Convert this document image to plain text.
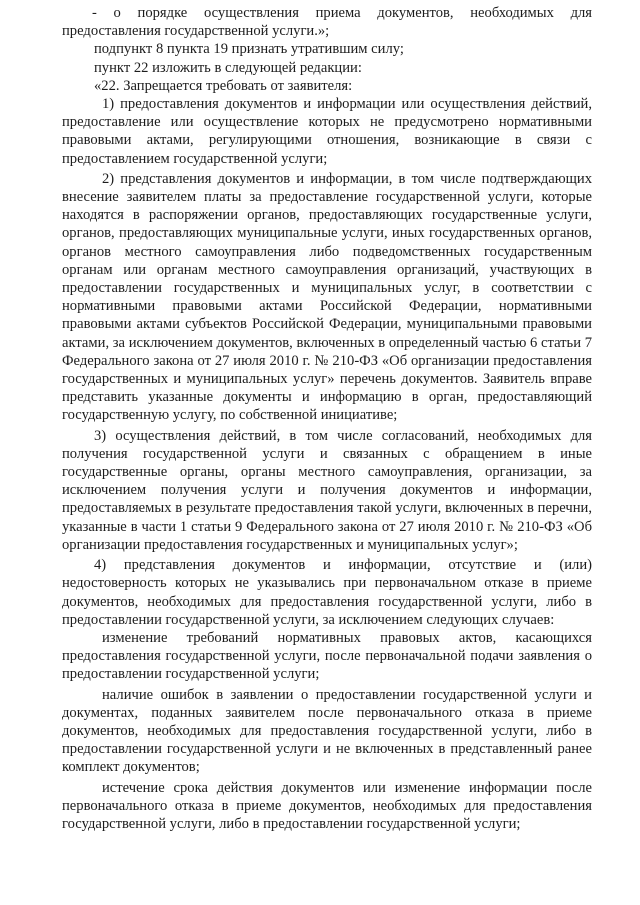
- о порядке осуществления приема документов, необходимых для предоставления государственной услуги.»;

подпункт 8 пункта 19 признать утратившим силу;

пункт 22 изложить в следующей редакции:

«22. Запрещается требовать от заявителя:

1) предоставления документов и информации или осуществления действий, предоставление или осуществление которых не предусмотрено нормативными правовыми актами, регулирующими отношения, возникающие в связи с предоставлением государственной услуги;

2) представления документов и информации, в том числе подтверждающих внесение заявителем платы за предоставление государственной услуги, которые находятся в распоряжении органов, предоставляющих государственные услуги, органов, предоставляющих муниципальные услуги, иных государственных органов, органов местного самоуправления либо подведомственных государственным органам или органам местного самоуправления организаций, участвующих в предоставлении государственных и муниципальных услуг, в соответствии с нормативными правовыми актами Российской Федерации, нормативными правовыми актами субъектов Российской Федерации, муниципальными правовыми актами, за исключением документов, включенных в определенный частью 6 статьи 7 Федерального закона от 27 июля 2010 г. № 210-ФЗ «Об организации предоставления государственных и муниципальных услуг» перечень документов. Заявитель вправе представить указанные документы и информацию в орган, предоставляющий государственную услугу, по собственной инициативе;

3) осуществления действий, в том числе согласований, необходимых для получения государственной услуги и связанных с обращением в иные государственные органы, органы местного самоуправления, организации, за исключением получения услуги и получения документов и информации, предоставляемых в результате предоставления такой услуги, включенных в перечни, указанные в части 1 статьи 9 Федерального закона от 27 июля 2010 г. № 210-ФЗ «Об организации предоставления государственных и муниципальных услуг»;

4) представления документов и информации, отсутствие и (или) недостоверность которых не указывались при первоначальном отказе в приеме документов, необходимых для предоставления государственной услуги, либо в предоставлении государственной услуги, за исключением следующих случаев:

изменение требований нормативных правовых актов, касающихся предоставления государственной услуги, после первоначальной подачи заявления о предоставлении государственной услуги;

наличие ошибок в заявлении о предоставлении государственной услуги и документах, поданных заявителем после первоначального отказа в приеме документов, необходимых для предоставления государственной услуги, либо в предоставлении государственной услуги и не включенных в представленный ранее комплект документов;

истечение срока действия документов или изменение информации после первоначального отказа в приеме документов, необходимых для предоставления государственной услуги, либо в предоставлении государственной услуги;
